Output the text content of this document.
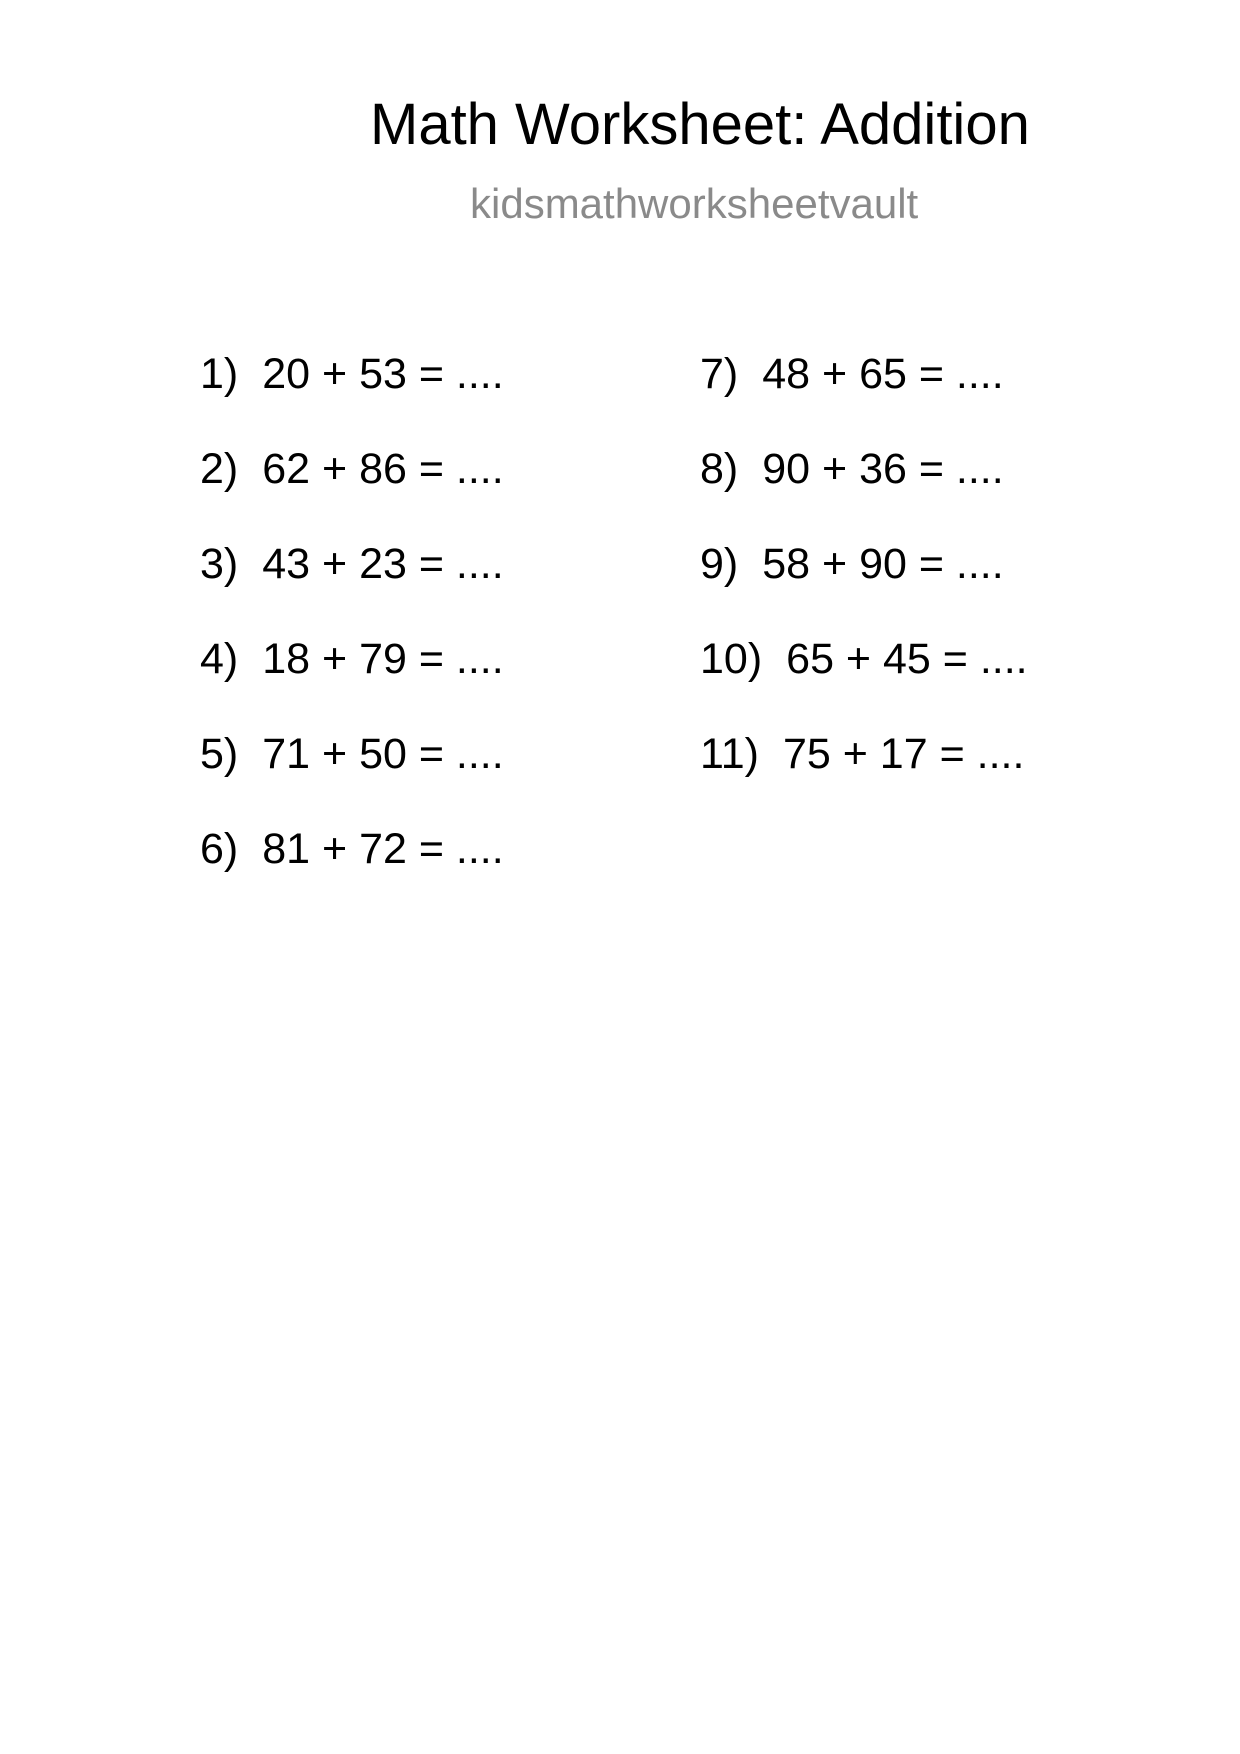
Math Worksheet: Addition
kidsmathworksheetvault
1) 20 + 53 = ....
2) 62 + 86 = ....
3) 43 + 23 = ....
4) 18 + 79 = ....
5) 71 + 50 = ....
6) 81 + 72 = ....
7) 48 + 65 = ....
8) 90 + 36 = ....
9) 58 + 90 = ....
10) 65 + 45 = ....
11) 75 + 17 = ....
